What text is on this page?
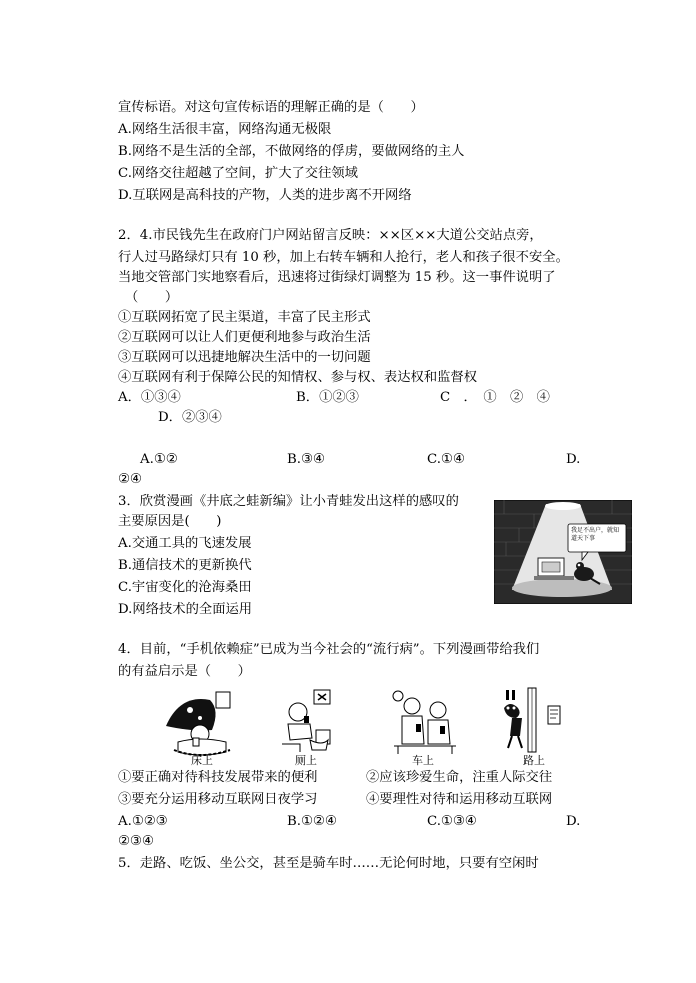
宣传标语。对这句宣传标语的理解正确的是（　　）
A.网络生活很丰富，网络沟通无极限
B.网络不是生活的全部，不做网络的俘虏，要做网络的主人
C.网络交往超越了空间，扩大了交往领域
D.互联网是高科技的产物，人类的进步离不开网络
2．4.市民钱先生在政府门户网站留言反映：××区××大道公交站点旁，
行人过马路绿灯只有 10 秒，加上右转车辆和人抢行，老人和孩子很不安全。
当地交管部门实地察看后，迅速将过街绿灯调整为 15 秒。这一事件说明了
（　　）
①互联网拓宽了民主渠道，丰富了民主形式
②互联网可以让人们更便利地参与政治生活
③互联网可以迅捷地解决生活中的一切问题
④互联网有利于保障公民的知情权、参与权、表达权和监督权
A．①③④	B．①②③	C　．　①　②　④
D．②③④
A.①②	B.③④	C.①④	D.
②④
3．欣赏漫画《井底之蛙新编》让小青蛙发出这样的感叹的
主要原因是(　　)
A.交通工具的飞速发展
B.通信技术的更新换代
C.宇宙变化的沧海桑田
D.网络技术的全面运用
我足不出户，就知道天下事
4．目前，“手机依赖症”已成为当今社会的“流行病”。下列漫画带给我们
的有益启示是（　　）
床上	厕上	车上	路上
①要正确对待科技发展带来的便利	②应该珍爱生命，注重人际交往
③要充分运用移动互联网日夜学习	④要理性对待和运用移动互联网
A.①②③	B.①②④	C.①③④	D.
②③④
5．走路、吃饭、坐公交，甚至是骑车时……无论何时地，只要有空闲时
